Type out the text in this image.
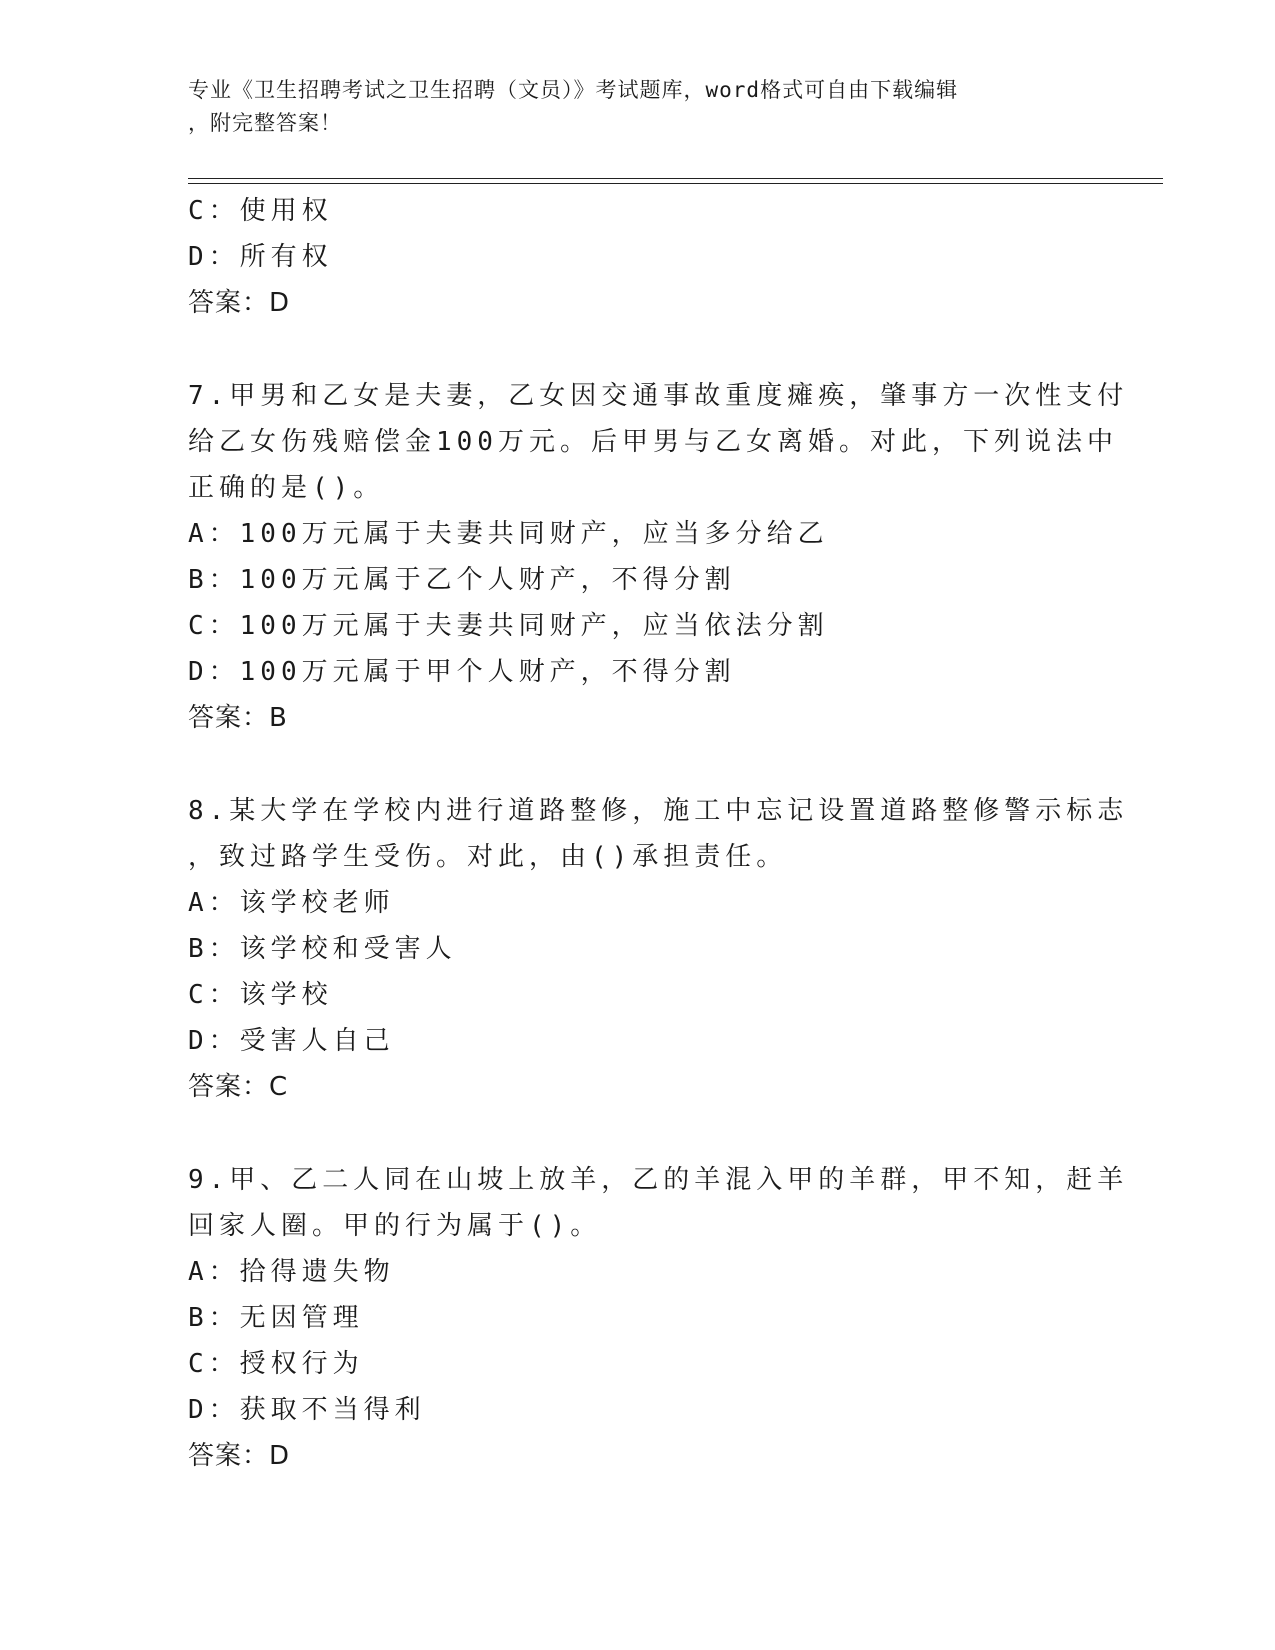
专业《卫生招聘考试之卫生招聘（文员）》考试题库，word格式可自由下载编辑
，附完整答案！
C：使用权
D：所有权
答案：D
7.甲男和乙女是夫妻，乙女因交通事故重度瘫痪，肇事方一次性支付
给乙女伤残赔偿金100万元。后甲男与乙女离婚。对此，下列说法中
正确的是()。
A：100万元属于夫妻共同财产，应当多分给乙
B：100万元属于乙个人财产，不得分割
C：100万元属于夫妻共同财产，应当依法分割
D：100万元属于甲个人财产，不得分割
答案：B
8.某大学在学校内进行道路整修，施工中忘记设置道路整修警示标志
，致过路学生受伤。对此，由()承担责任。
A：该学校老师
B：该学校和受害人
C：该学校
D：受害人自己
答案：C
9.甲、乙二人同在山坡上放羊，乙的羊混入甲的羊群，甲不知，赶羊
回家人圈。甲的行为属于()。
A：拾得遗失物
B：无因管理
C：授权行为
D：获取不当得利
答案：D
